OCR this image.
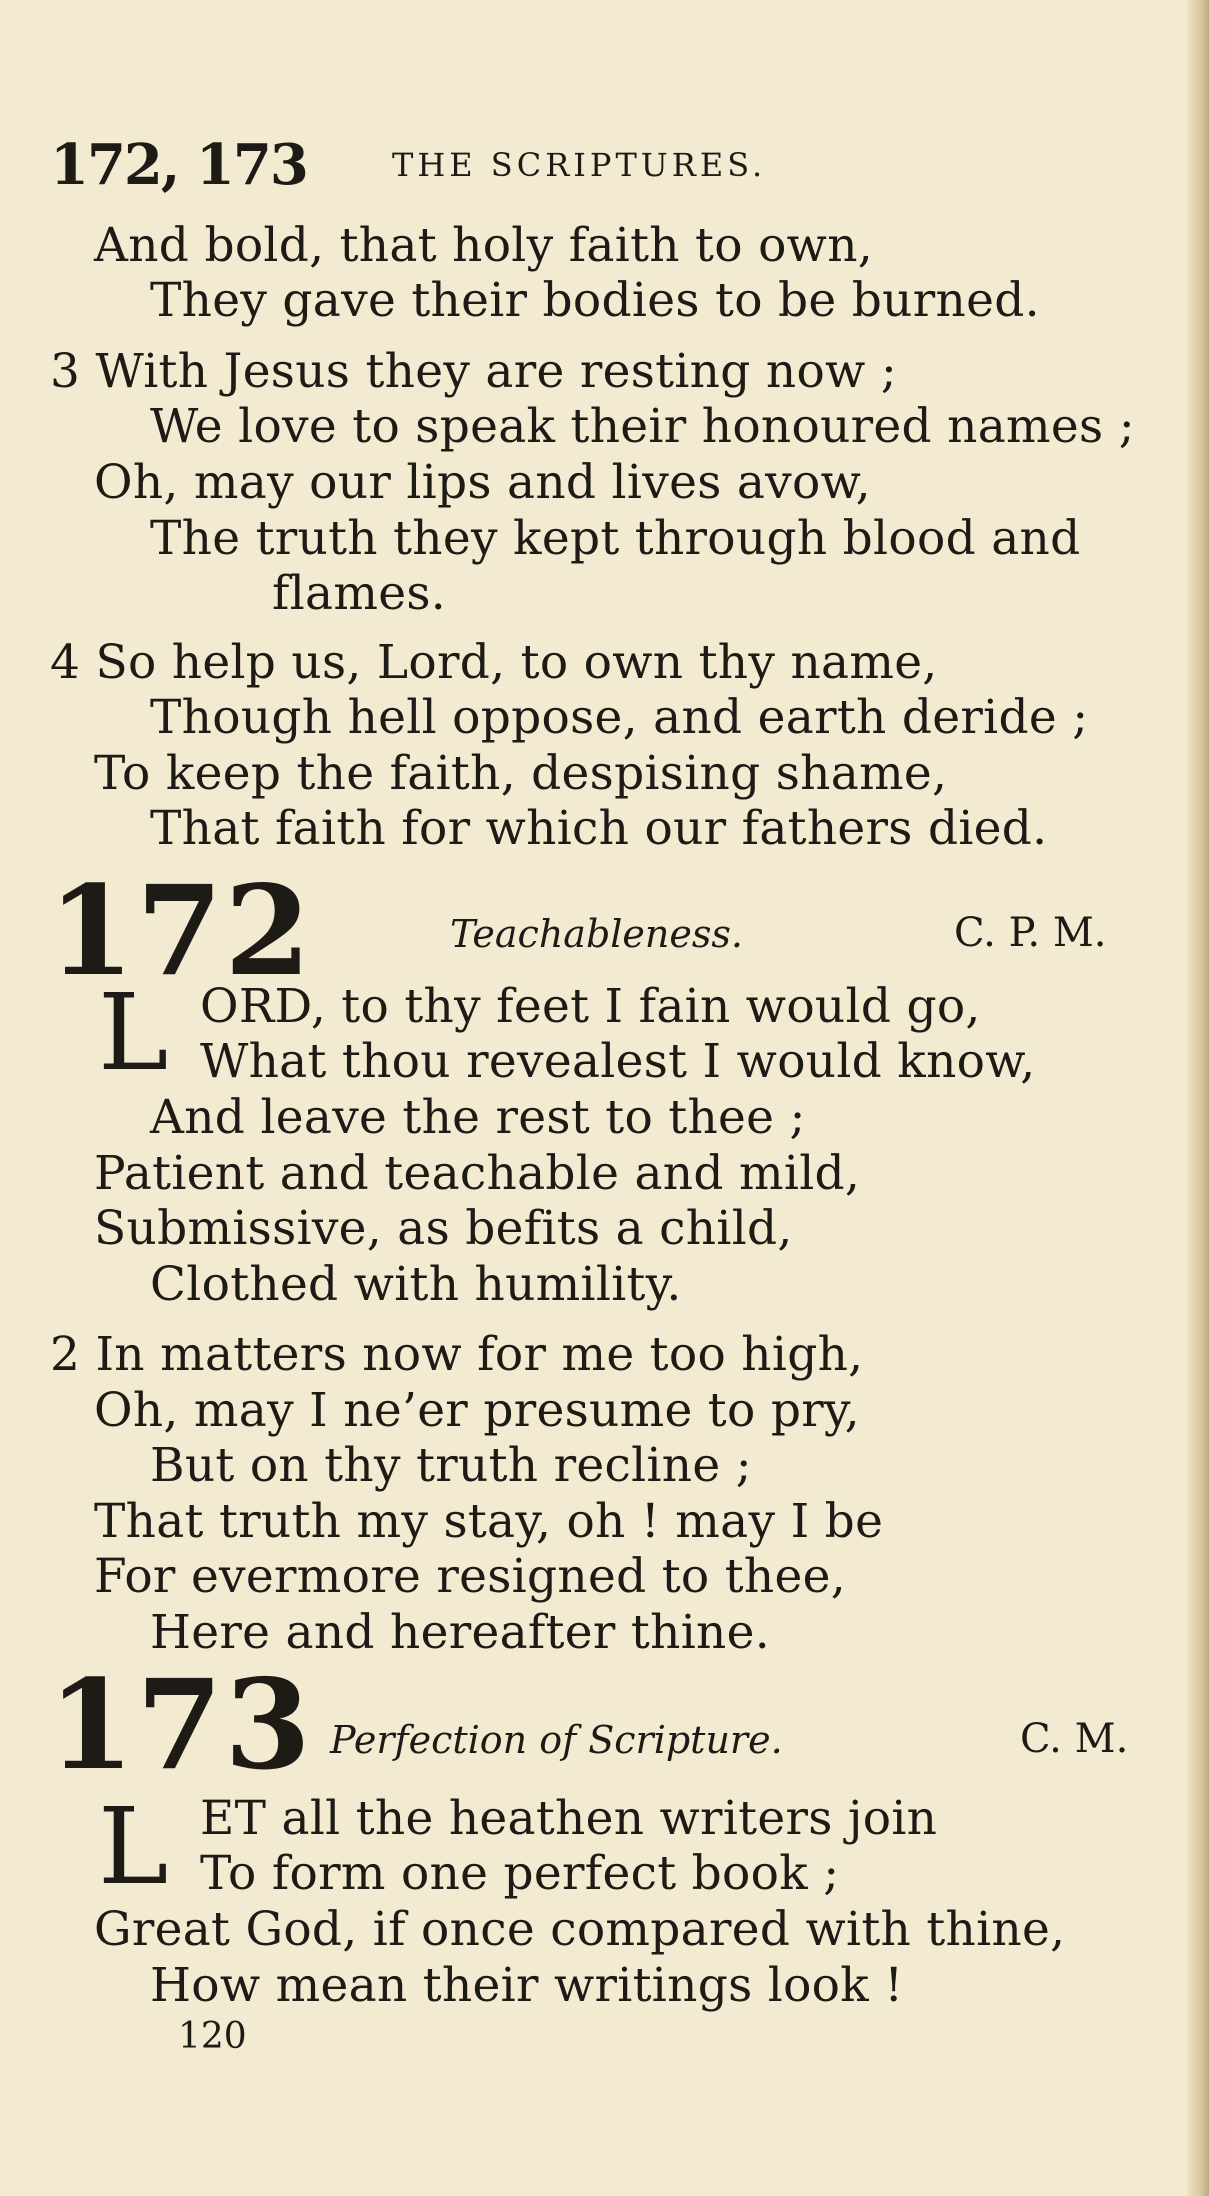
172, 173	THE SCRIPTURES.
And bold, that holy faith to own,
They gave their bodies to be burned.
3 With Jesus they are resting now ;
We love to speak their honoured names ;
Oh, may our lips and lives avow,
The truth they kept through blood and
flames.
4 So help us, Lord, to own thy name,
Though hell oppose, and earth deride ;
To keep the faith, despising shame,
That faith for which our fathers died.
172	Teachableness.	C. P. M.
L ORD, to thy feet I fain would go,
What thou revealest I would know,
And leave the rest to thee ;
Patient and teachable and mild,
Submissive, as befits a child,
Clothed with humility.
2 In matters now for me too high,
Oh, may I ne’er presume to pry,
But on thy truth recline ;
That truth my stay, oh ! may I be
For evermore resigned to thee,
Here and hereafter thine.
173 Perfection of Scripture.	C. M.
L ET all the heathen writers join
To form one perfect book ;
Great God, if once compared with thine,
How mean their writings look !
120
